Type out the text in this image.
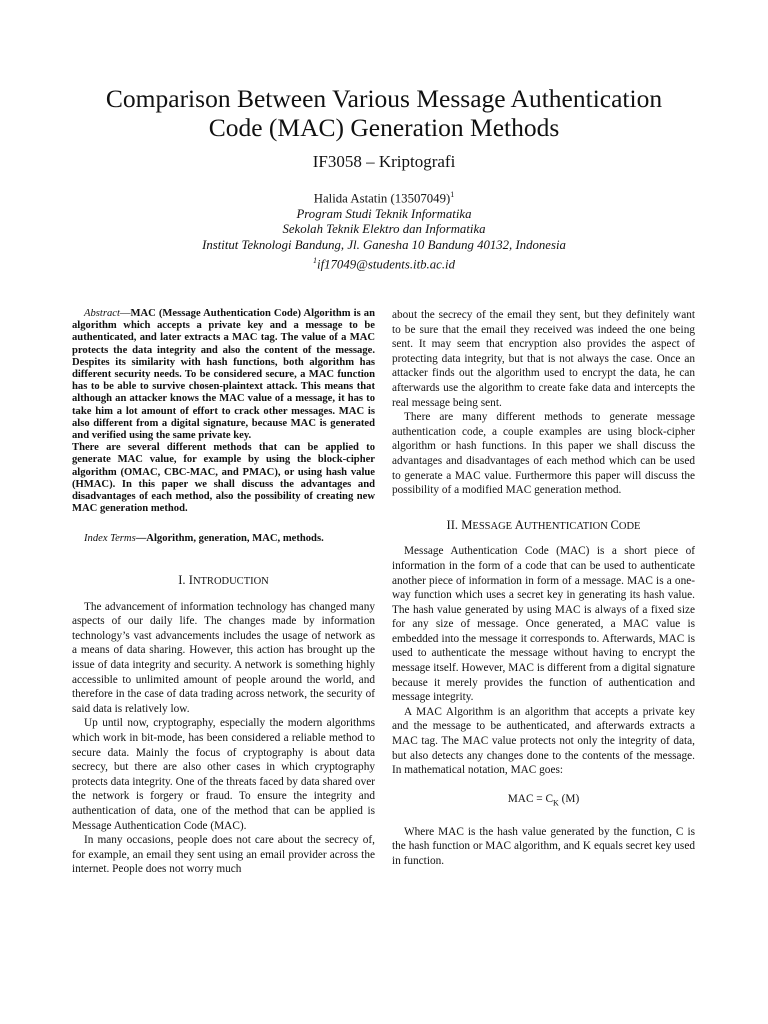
Comparison Between Various Message Authentication
Code (MAC) Generation Methods
IF3058 – Kriptografi
Halida Astatin $(13507049)^1$
Program Studi Teknik Informatika
Sekolah Teknik Elektro dan Informatika
Institut Teknologi Bandung, Jl. Ganesha 10 Bandung 40132, Indonesia
$^1$if17049@students.itb.ac.id

Abstract—MAC (Message Authentication Code) Algorithm is an algorithm which accepts a private key and a message to be authenticated, and later extracts a MAC tag. The value of a MAC protects the data integrity and also the content of the message. Despites its similarity with hash functions, both algorithm has different security needs. To be considered secure, a MAC function has to be able to survive chosen-plaintext attack. This means that although an attacker knows the MAC value of a message, it has to take him a lot amount of effort to crack other messages. MAC is also different from a digital signature, because MAC is generated and verified using the same private key.

There are several different methods that can be applied to generate MAC value, for example by using the block-cipher algorithm (OMAC, CBC-MAC, and PMAC), or using hash value (HMAC). In this paper we shall discuss the advantages and disadvantages of each method, also the possibility of creating new MAC generation method.

Index Terms—Algorithm, generation, MAC, methods.

I. INTRODUCTION

The advancement of information technology has changed many aspects of our daily life. The changes made by information technology’s vast advancements includes the usage of network as a means of data sharing. However, this action has brought up the issue of data integrity and security. A network is something highly accessible to unlimited amount of people around the world, and therefore in the case of data trading across network, the security of said data is relatively low.

Up until now, cryptography, especially the modern algorithms which work in bit-mode, has been considered a reliable method to secure data. Mainly the focus of cryptography is about data secrecy, but there are also other cases in which cryptography protects data integrity. One of the threats faced by data shared over the network is forgery or fraud. To ensure the integrity and authentication of data, one of the method that can be applied is Message Authentication Code (MAC).

In many occasions, people does not care about the secrecy of, for example, an email they sent using an email provider across the internet. People does not worry much

about the secrecy of the email they sent, but they definitely want to be sure that the email they received was indeed the one being sent. It may seem that encryption also provides the aspect of protecting data integrity, but that is not always the case. Once an attacker finds out the algorithm used to encrypt the data, he can afterwards use the algorithm to create fake data and intercepts the real message being sent.

There are many different methods to generate message authentication code, a couple examples are using block-cipher algorithm or hash functions. In this paper we shall discuss the advantages and disadvantages of each method which can be used to generate a MAC value. Furthermore this paper will discuss the possibility of a modified MAC generation method.

II. MESSAGE AUTHENTICATION CODE

Message Authentication Code (MAC) is a short piece of information in the form of a code that can be used to authenticate another piece of information in form of a message. MAC is a one-way function which uses a secret key in generating its hash value. The hash value generated by using MAC is always of a fixed size for any size of message. Once generated, a MAC value is embedded into the message it corresponds to. Afterwards, MAC is used to authenticate the message without having to encrypt the message itself. However, MAC is different from a digital signature because it merely provides the function of authentication and message integrity.

A MAC Algorithm is an algorithm that accepts a private key and the message to be authenticated, and afterwards extracts a MAC tag. The MAC value protects not only the integrity of data, but also detects any changes done to the contents of the message. In mathematical notation, MAC goes:

MAC = $C_K$ (M)

Where MAC is the hash value generated by the function, C is the hash function or MAC algorithm, and K equals secret key used in function.
